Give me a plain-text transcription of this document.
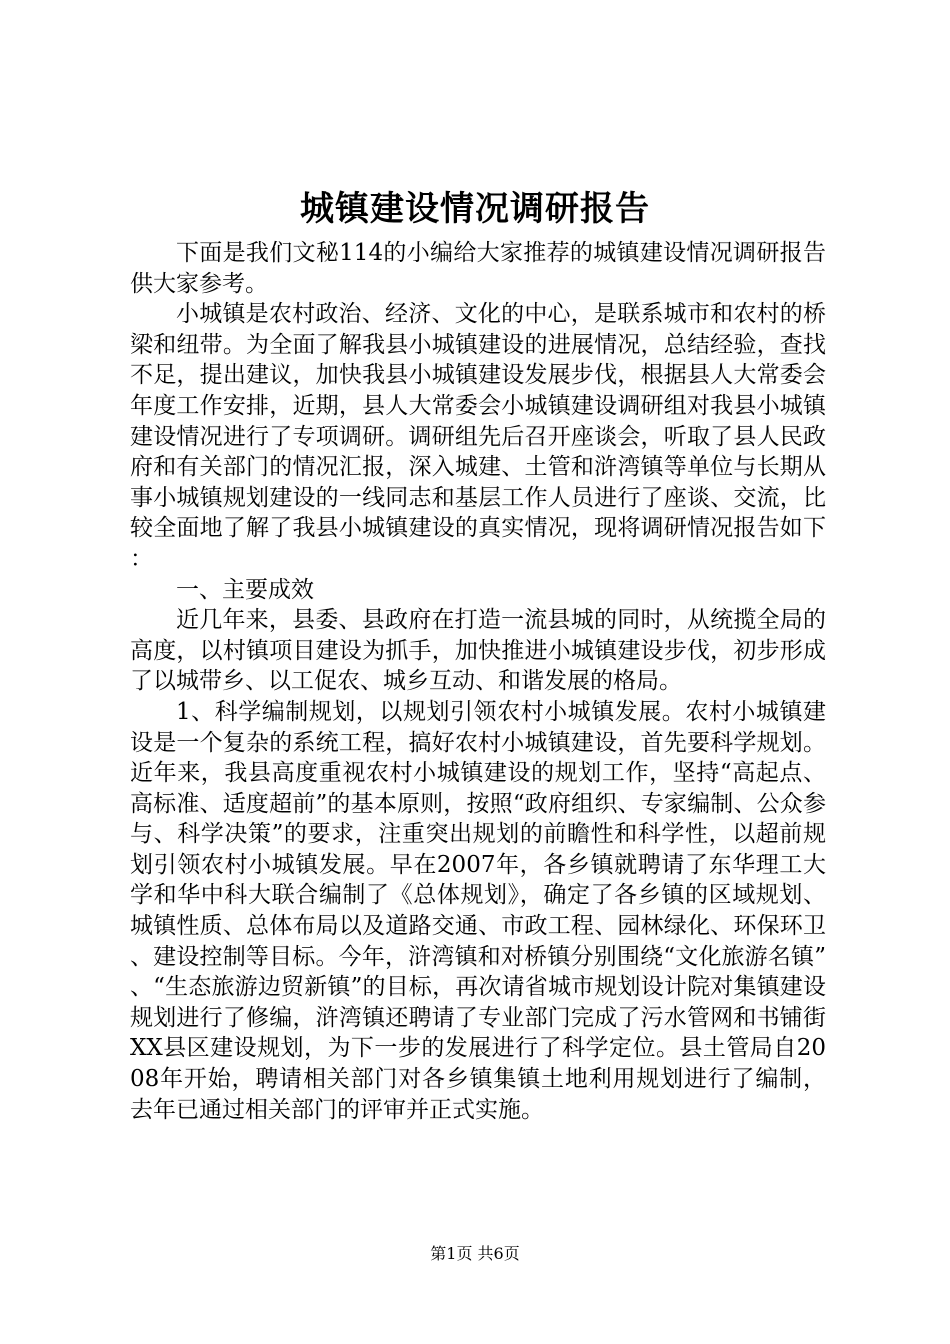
城镇建设情况调研报告

下面是我们文秘114的小编给大家推荐的城镇建设情况调研报告供大家参考。

小城镇是农村政治、经济、文化的中心，是联系城市和农村的桥梁和纽带。为全面了解我县小城镇建设的进展情况，总结经验，查找不足，提出建议，加快我县小城镇建设发展步伐，根据县人大常委会年度工作安排，近期，县人大常委会小城镇建设调研组对我县小城镇建设情况进行了专项调研。调研组先后召开座谈会，听取了县人民政府和有关部门的情况汇报，深入城建、土管和浒湾镇等单位与长期从事小城镇规划建设的一线同志和基层工作人员进行了座谈、交流，比较全面地了解了我县小城镇建设的真实情况，现将调研情况报告如下：

一、主要成效

近几年来，县委、县政府在打造一流县城的同时，从统揽全局的高度，以村镇项目建设为抓手，加快推进小城镇建设步伐，初步形成了以城带乡、以工促农、城乡互动、和谐发展的格局。

1、科学编制规划，以规划引领农村小城镇发展。农村小城镇建设是一个复杂的系统工程，搞好农村小城镇建设，首先要科学规划。近年来，我县高度重视农村小城镇建设的规划工作，坚持“高起点、高标准、适度超前”的基本原则，按照“政府组织、专家编制、公众参与、科学决策”的要求，注重突出规划的前瞻性和科学性，以超前规划引领农村小城镇发展。早在2007年，各乡镇就聘请了东华理工大学和华中科大联合编制了《总体规划》，确定了各乡镇的区域规划、城镇性质、总体布局以及道路交通、市政工程、园林绿化、环保环卫、建设控制等目标。今年，浒湾镇和对桥镇分别围绕“文化旅游名镇”、“生态旅游边贸新镇”的目标，再次请省城市规划设计院对集镇建设规划进行了修编，浒湾镇还聘请了专业部门完成了污水管网和书铺街XX县区建设规划，为下一步的发展进行了科学定位。县土管局自2008年开始，聘请相关部门对各乡镇集镇土地利用规划进行了编制，去年已通过相关部门的评审并正式实施。

第1页 共6页
